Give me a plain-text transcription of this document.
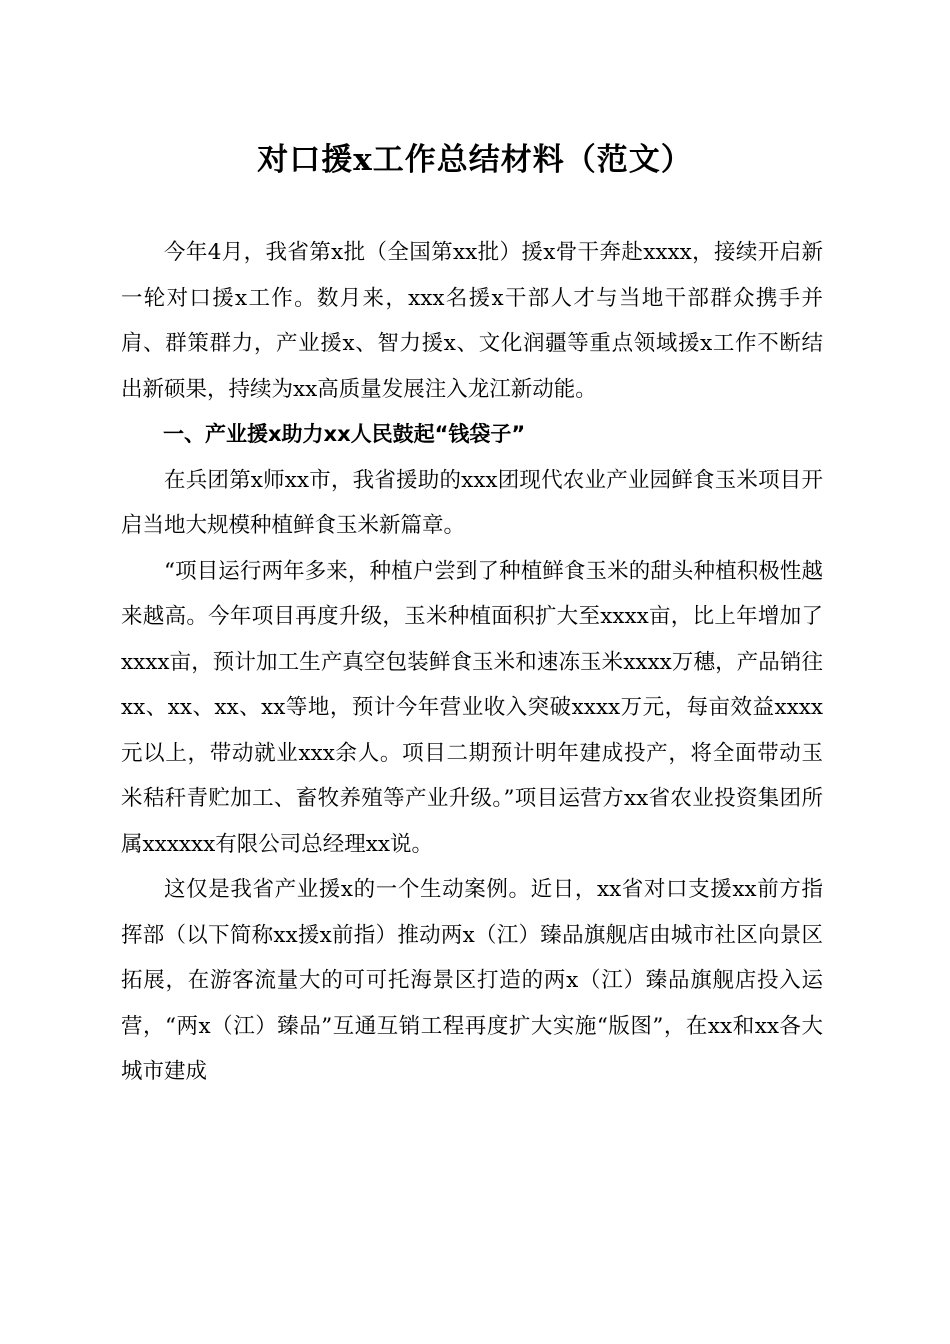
对口援x工作总结材料（范文）

今年4月，我省第x批（全国第xx批）援x骨干奔赴xxxx，接续开启新一轮对口援x工作。数月来，xxx名援x干部人才与当地干部群众携手并肩、群策群力，产业援x、智力援x、文化润疆等重点领域援x工作不断结出新硕果，持续为xx高质量发展注入龙江新动能。

一、产业援x助力xx人民鼓起“钱袋子”

在兵团第x师xx市，我省援助的xxx团现代农业产业园鲜食玉米项目开启当地大规模种植鲜食玉米新篇章。

“项目运行两年多来，种植户尝到了种植鲜食玉米的甜头种植积极性越来越高。今年项目再度升级，玉米种植面积扩大至xxxx亩，比上年增加了xxxx亩，预计加工生产真空包装鲜食玉米和速冻玉米xxxx万穗，产品销往xx、xx、xx、xx等地，预计今年营业收入突破xxxx万元，每亩效益xxxx元以上，带动就业xxx余人。项目二期预计明年建成投产，将全面带动玉米秸秆青贮加工、畜牧养殖等产业升级。”项目运营方xx省农业投资集团所属xxxxxx有限公司总经理xx说。

这仅是我省产业援x的一个生动案例。近日，xx省对口支援xx前方指挥部（以下简称xx援x前指）推动两x（江）臻品旗舰店由城市社区向景区拓展，在游客流量大的可可托海景区打造的两x（江）臻品旗舰店投入运营，“两x（江）臻品”互通互销工程再度扩大实施“版图”，在xx和xx各大城市建成
